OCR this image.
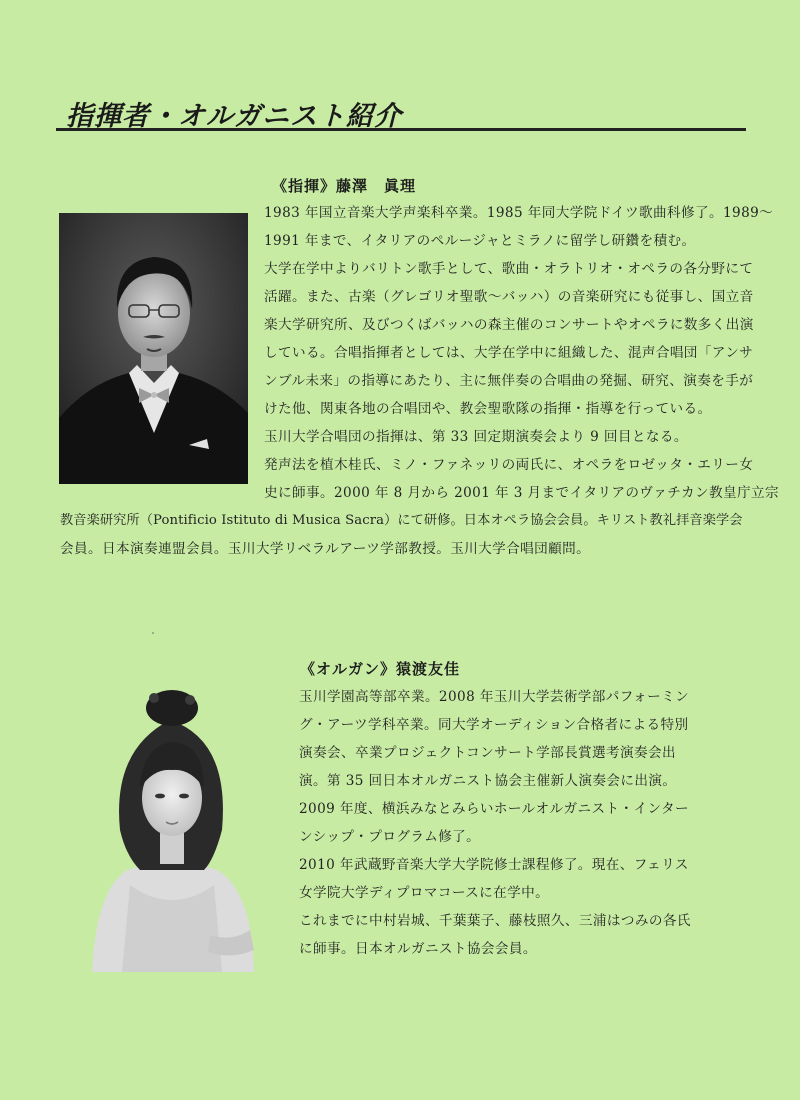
指揮者・オルガニスト紹介
《指揮》藤澤　眞理

1983 年国立音楽大学声楽科卒業。1985 年同大学院ドイツ歌曲科修了。1989～

1991 年まで、イタリアのペルージャとミラノに留学し研鑽を積む。

大学在学中よりバリトン歌手として、歌曲・オラトリオ・オペラの各分野にて

活躍。また、古楽（グレゴリオ聖歌～バッハ）の音楽研究にも従事し、国立音

楽大学研究所、及びつくばバッハの森主催のコンサートやオペラに数多く出演

している。合唱指揮者としては、大学在学中に組織した、混声合唱団「アンサ

ンブル未来」の指導にあたり、主に無伴奏の合唱曲の発掘、研究、演奏を手が

けた他、関東各地の合唱団や、教会聖歌隊の指揮・指導を行っている。

玉川大学合唱団の指揮は、第 33 回定期演奏会より 9 回目となる。

発声法を植木桂氏、ミノ・ファネッリの両氏に、オペラをロゼッタ・エリー女

史に師事。2000 年 8 月から 2001 年 3 月までイタリアのヴァチカン教皇庁立宗

教音楽研究所（Pontificio Istituto di Musica Sacra）にて研修。日本オペラ協会会員。キリスト教礼拝音楽学会

会員。日本演奏連盟会員。玉川大学リベラルアーツ学部教授。玉川大学合唱団顧問。

《オルガン》猿渡友佳

玉川学園高等部卒業。2008 年玉川大学芸術学部パフォーミン

グ・アーツ学科卒業。同大学オーディション合格者による特別

演奏会、卒業プロジェクトコンサート学部長賞選考演奏会出

演。第 35 回日本オルガニスト協会主催新人演奏会に出演。

2009 年度、横浜みなとみらいホールオルガニスト・インター

ンシップ・プログラム修了。

2010 年武蔵野音楽大学大学院修士課程修了。現在、フェリス

女学院大学ディプロマコースに在学中。

これまでに中村岩城、千葉葉子、藤枝照久、三浦はつみの各氏

に師事。日本オルガニスト協会会員。
